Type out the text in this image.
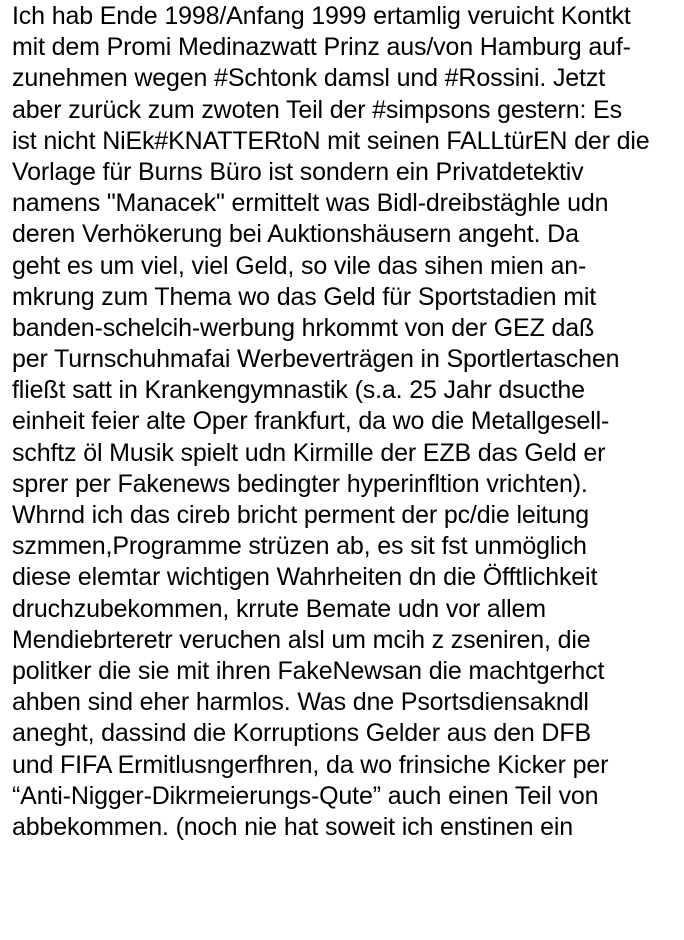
Ich hab Ende 1998/Anfang 1999 ertamlig veruicht Kontkt
mit dem Promi Medinazwatt Prinz aus/von Hamburg auf-
zunehmen wegen #Schtonk damsl und #Rossini. Jetzt
aber zurück zum zwoten Teil der #simpsons gestern: Es
ist nicht NiEk#KNATTERtoN mit seinen FALLtürEN der die
Vorlage für Burns Büro ist sondern ein Privatdetektiv
namens "Manacek" ermittelt was Bidl-dreibstäghle udn
deren Verhökerung bei Auktionshäusern angeht. Da
geht es um viel, viel Geld, so vile das sihen mien an-
mkrung zum Thema wo das Geld für Sportstadien mit
banden-schelcih-werbung hrkommt von der GEZ daß
per Turnschuhmafai Werbeverträgen in Sportlertaschen
fließt satt in Krankengymnastik (s.a. 25 Jahr dsucthe
einheit feier alte Oper frankfurt, da wo die Metallgesell-
schftz öl Musik spielt udn Kirmille der EZB das Geld er
sprer per Fakenews bedingter hyperinfltion vrichten).
Whrnd ich das cireb bricht perment der pc/die leitung
szmmen,Programme strüzen ab, es sit fst unmöglich
diese elemtar wichtigen Wahrheiten dn die Öfftlichkeit
druchzubekommen, krrute Bemate udn vor allem
Mendiebrteretr veruchen alsl um mcih z zseniren, die
politker die sie mit ihren FakeNewsan die machtgerhct
ahben sind eher harmlos. Was dne Psortsdiensakndl
aneght, dassind die Korruptions Gelder aus den DFB
und FIFA Ermitlusngerfhren, da wo frinsiche Kicker per
“Anti-Nigger-Dikrmeierungs-Qute” auch einen Teil von
abbekommen. (noch nie hat soweit ich enstinen ein
